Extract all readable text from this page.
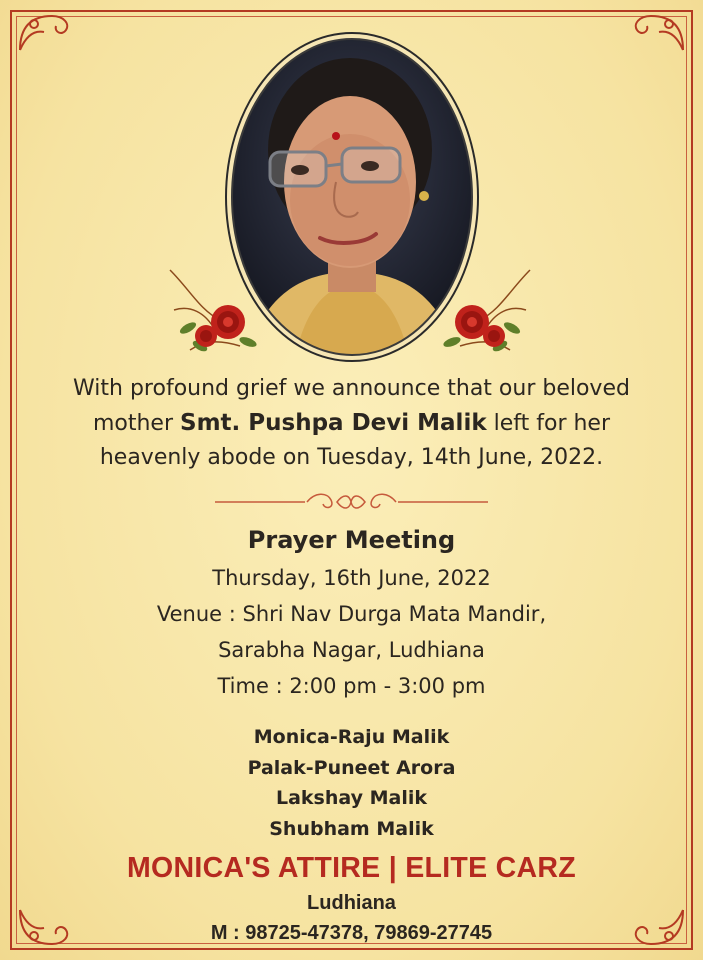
With profound grief we announce that our beloved
mother Smt. Pushpa Devi Malik left for her
heavenly abode on Tuesday, 14th June, 2022.
Prayer Meeting
Thursday, 16th June, 2022
Venue : Shri Nav Durga Mata Mandir,
Sarabha Nagar, Ludhiana
Time : 2:00 pm - 3:00 pm
Monica-Raju Malik
Palak-Puneet Arora
Lakshay Malik
Shubham Malik
MONICA'S ATTIRE | ELITE CARZ
Ludhiana
M : 98725-47378, 79869-27745
